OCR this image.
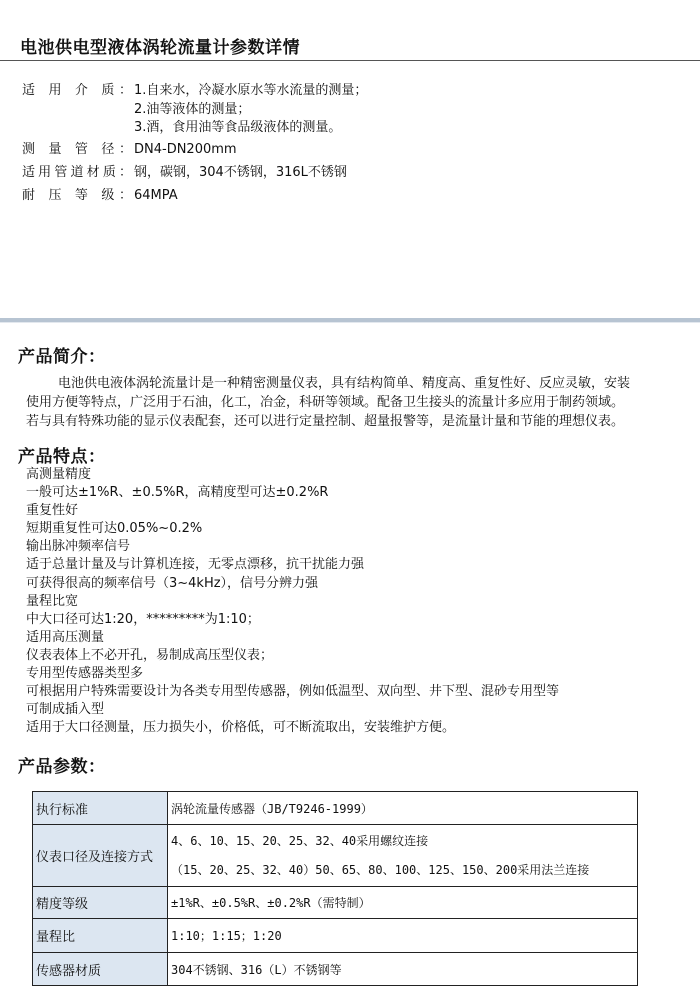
电池供电型液体涡轮流量计参数详情
适 用 介 质： 1.自来水，冷凝水原水等水流量的测量；
2.油等液体的测量；
3.酒，食用油等食品级液体的测量。
测 量 管 径： DN4-DN200mm
适用管道材质： 钢，碳钢，304不锈钢，316L不锈钢
耐 压 等 级： 64MPA
产品简介：

电池供电液体涡轮流量计是一种精密测量仪表，具有结构简单、精度高、重复性好、反应灵敏，安装

使用方便等特点，广泛用于石油，化工，冶金，科研等领域。配备卫生接头的流量计多应用于制药领域。

若与具有特殊功能的显示仪表配套，还可以进行定量控制、超量报警等，是流量计量和节能的理想仪表。

产品特点：
高测量精度
一般可达±1%R、±0.5%R，高精度型可达±0.2%R
重复性好
短期重复性可达0.05%~0.2%
输出脉冲频率信号
适于总量计量及与计算机连接，无零点漂移，抗干扰能力强
可获得很高的频率信号（3~4kHz），信号分辨力强
量程比宽
中大口径可达1:20，*********为1:10；
适用高压测量
仪表表体上不必开孔，易制成高压型仪表；
专用型传感器类型多
可根据用户特殊需要设计为各类专用型传感器，例如低温型、双向型、井下型、混砂专用型等
可制成插入型
适用于大口径测量，压力损失小，价格低，可不断流取出，安装维护方便。
产品参数：
执行标准	涡轮流量传感器（JB/T9246-1999）
仪表口径及连接方式	4、6、10、15、20、25、32、40采用螺纹连接
（15、20、25、32、40）50、65、80、100、125、150、200采用法兰连接

精度等级	±1%R、±0.5%R、±0.2%R（需特制）
量程比	1:10；1:15；1:20
传感器材质	304不锈钢、316（L）不锈钢等
